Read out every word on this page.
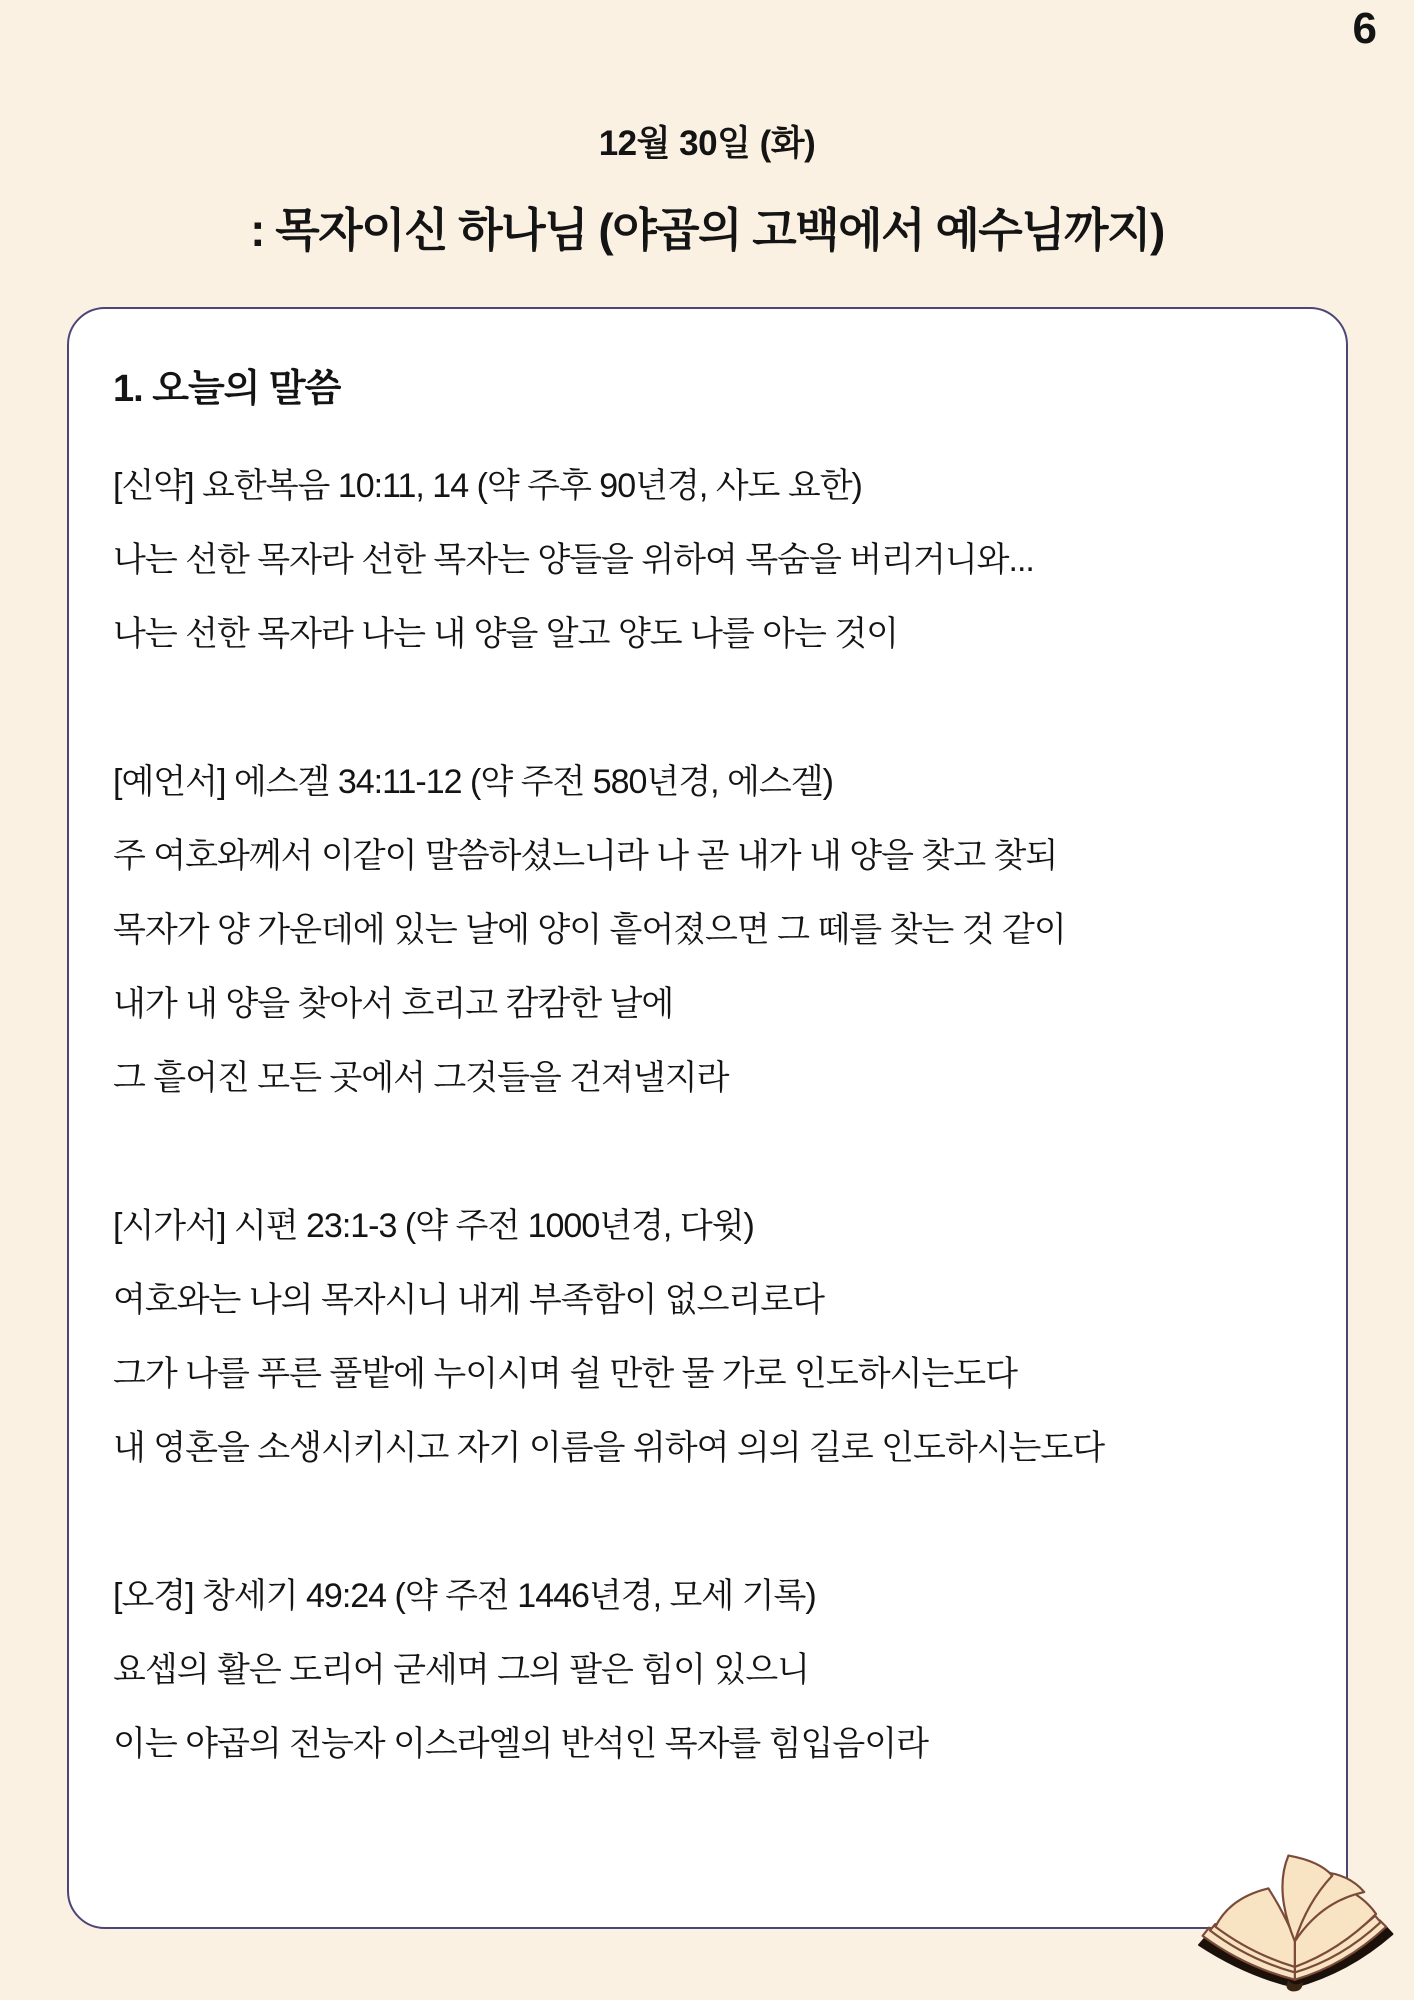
6

12월 30일 (화)

: 목자이신 하나님 (야곱의 고백에서 예수님까지)
1. 오늘의 말씀

[신약] 요한복음 10:11, 14 (약 주후 90년경, 사도 요한)

나는 선한 목자라 선한 목자는 양들을 위하여 목숨을 버리거니와...

나는 선한 목자라 나는 내 양을 알고 양도 나를 아는 것이

[예언서] 에스겔 34:11-12 (약 주전 580년경, 에스겔)

주 여호와께서 이같이 말씀하셨느니라 나 곧 내가 내 양을 찾고 찾되

목자가 양 가운데에 있는 날에 양이 흩어졌으면 그 떼를 찾는 것 같이

내가 내 양을 찾아서 흐리고 캄캄한 날에

그 흩어진 모든 곳에서 그것들을 건져낼지라

[시가서] 시편 23:1-3 (약 주전 1000년경, 다윗)

여호와는 나의 목자시니 내게 부족함이 없으리로다

그가 나를 푸른 풀밭에 누이시며 쉴 만한 물 가로 인도하시는도다

내 영혼을 소생시키시고 자기 이름을 위하여 의의 길로 인도하시는도다

[오경] 창세기 49:24 (약 주전 1446년경, 모세 기록)

요셉의 활은 도리어 굳세며 그의 팔은 힘이 있으니

이는 야곱의 전능자 이스라엘의 반석인 목자를 힘입음이라
